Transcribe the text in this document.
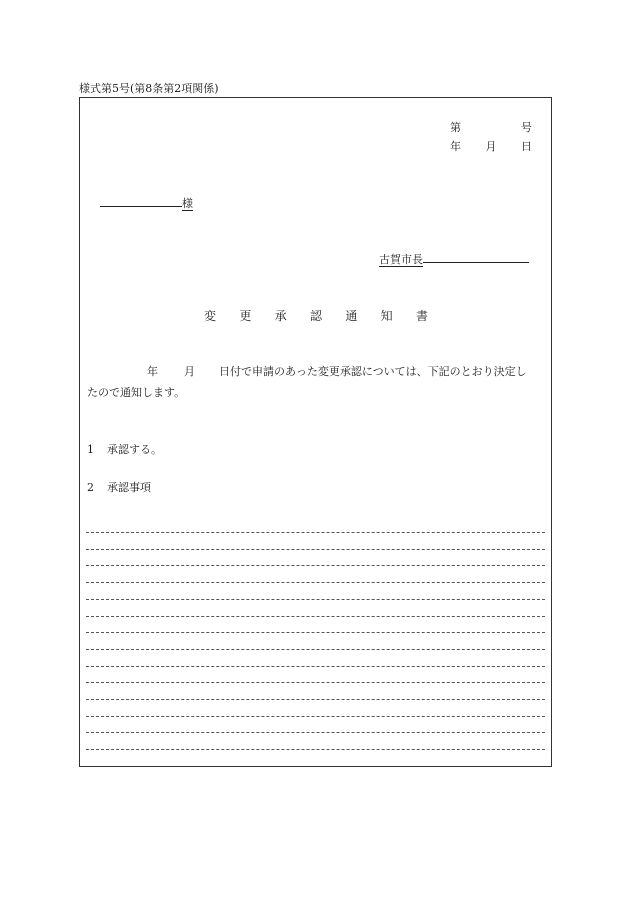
様式第5号(第8条第2項関係)
第	号
年 月 日
様
古賀市長
変 更 承 認 通 知 書
年 月 日付で申請のあった変更承認については、下記のとおり決定し
たので通知します。
1 承認する。
2 承認事項
